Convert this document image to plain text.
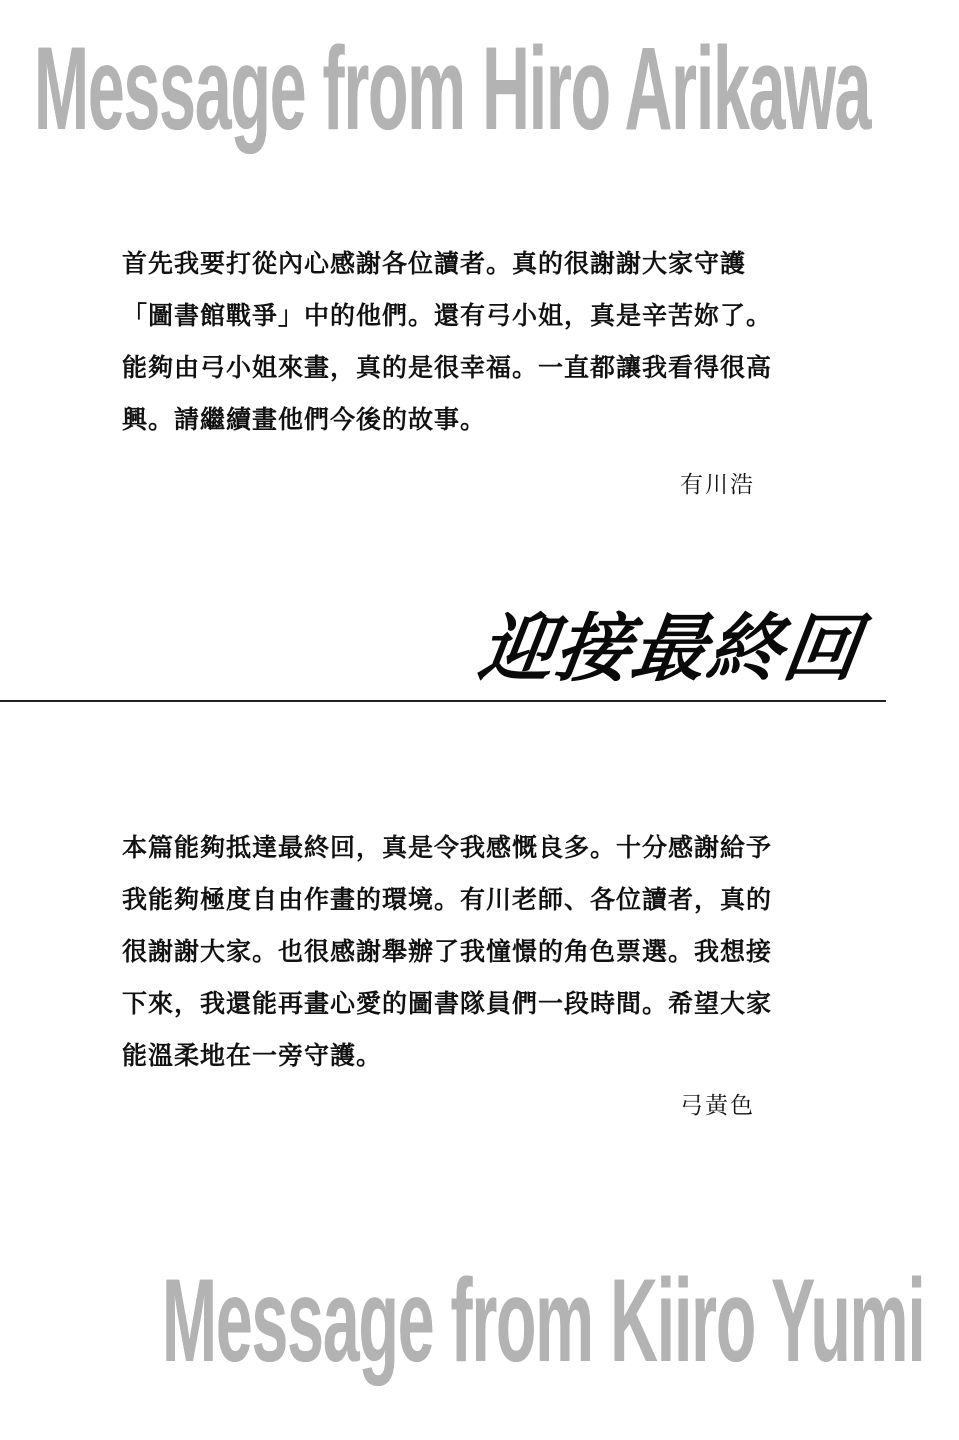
Message from Hiro Arikawa

首先我要打從內心感謝各位讀者。真的很謝謝大家守護

「圖書館戰爭」中的他們。還有弓小姐，真是辛苦妳了。

能夠由弓小姐來畫，真的是很幸福。一直都讓我看得很高

興。請繼續畫他們今後的故事。

有川浩
迎接最終回

本篇能夠抵達最終回，真是令我感慨良多。十分感謝給予

我能夠極度自由作畫的環境。有川老師、各位讀者，真的

很謝謝大家。也很感謝舉辦了我憧憬的角色票選。我想接

下來，我還能再畫心愛的圖書隊員們一段時間。希望大家

能溫柔地在一旁守護。

弓黃色
Message from Kiiro Yumi
